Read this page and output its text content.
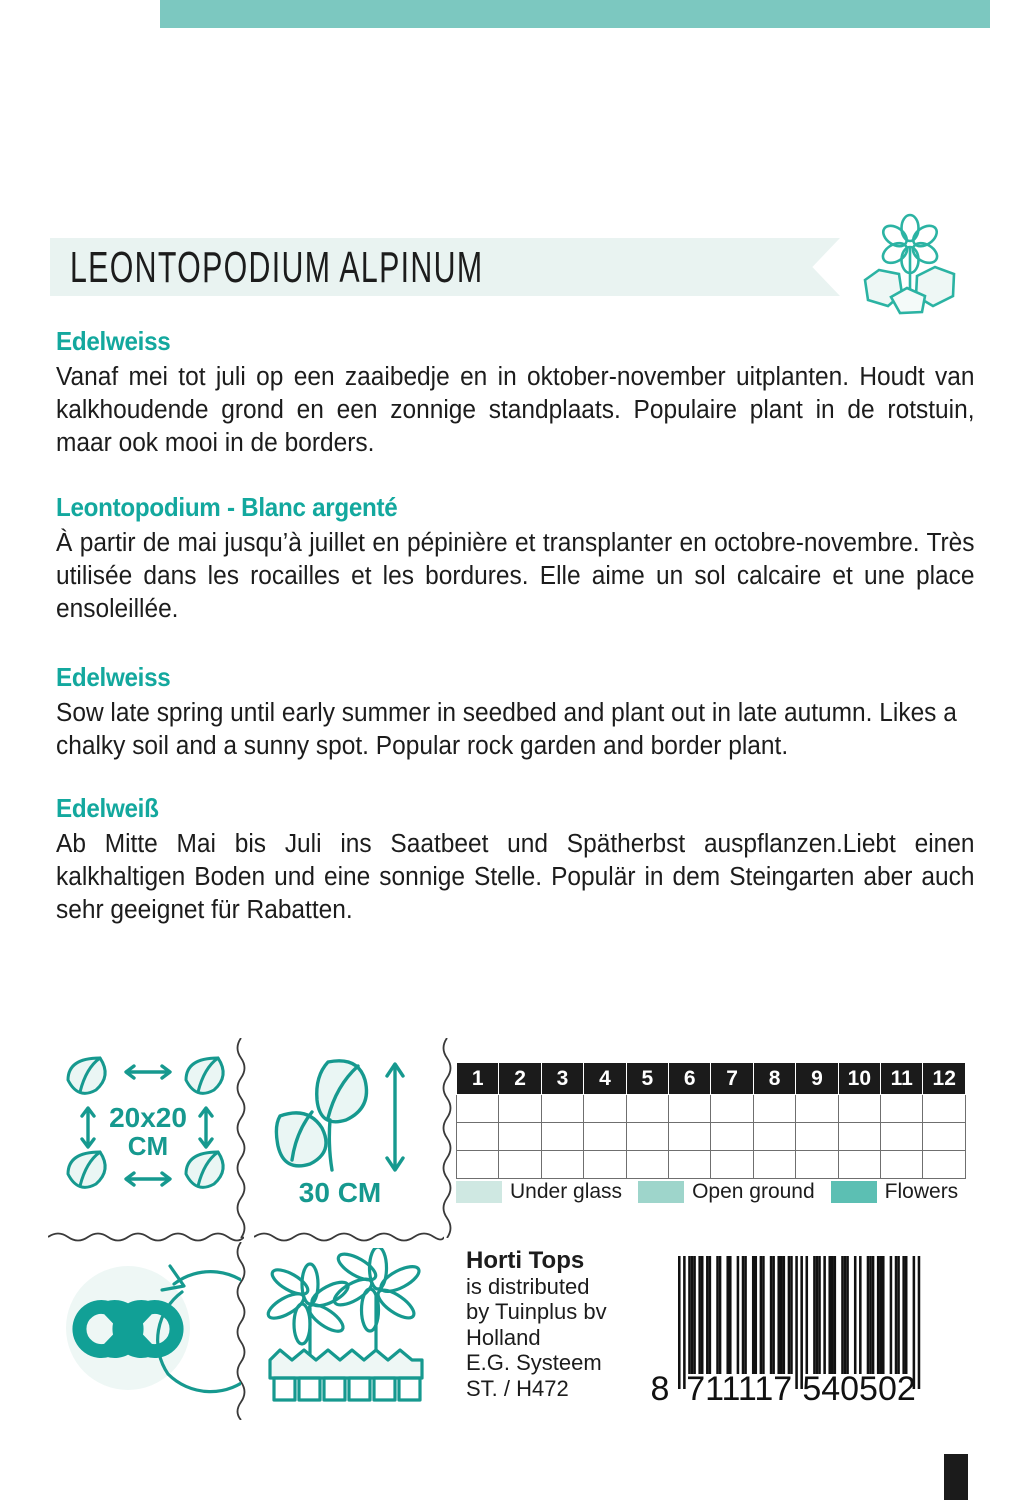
LEONTOPODIUM ALPINUM
Edelweiss
Vanaf mei tot juli op een zaaibedje en in oktober-november uitplanten. Houdt van kalkhoudende grond en een zonnige standplaats. Populaire plant in de rotstuin, maar ook mooi in de borders.
Leontopodium - Blanc argenté
À partir de mai jusqu’à juillet en pépinière et transplanter en octobre-novembre. Très utilisée dans les rocailles et les bordures. Elle aime un sol calcaire et une place ensoleillée.
Edelweiss
Sow late spring until early summer in seedbed and plant out in late autumn. Likes a chalky soil and a sunny spot. Popular rock garden and border plant.
Edelweiß
Ab Mitte Mai bis Juli ins Saatbeet und Spätherbst auspflanzen.Liebt einen kalkhaltigen Boden und eine sonnige Stelle. Populär in dem Steingarten aber auch sehr geeignet für Rabatten.
20x20
CM
30 CM
1	2	3	4	5	6	7	8	9	10	11	12

Under glass	Open ground	Flowers
Horti Tops
is distributed
by Tuinplus bv
Holland
E.G. Systeem
ST. / H472	8 711117 540502
